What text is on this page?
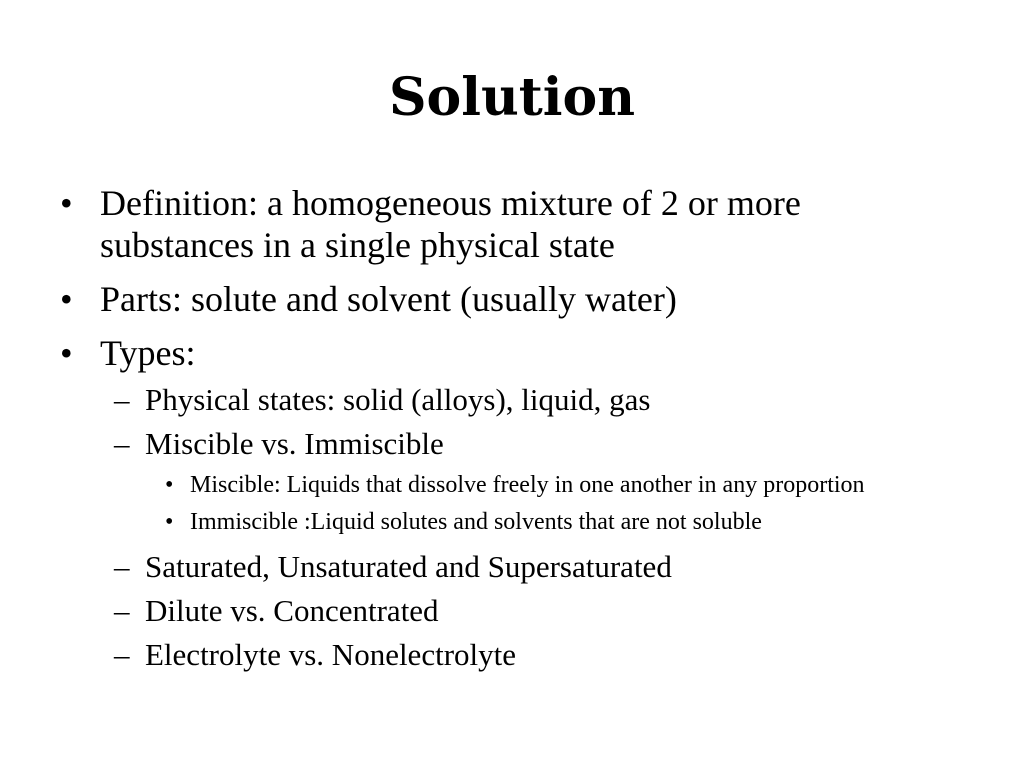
Solution
• Definition: a homogeneous mixture of 2 or more substances in a single physical state
• Parts: solute and solvent (usually water)
• Types:
– Physical states: solid (alloys), liquid, gas
– Miscible vs. Immiscible
• Miscible: Liquids that dissolve freely in one another in any proportion
• Immiscible :Liquid solutes and solvents that are not soluble
– Saturated, Unsaturated and Supersaturated
– Dilute vs. Concentrated
– Electrolyte vs. Nonelectrolyte
